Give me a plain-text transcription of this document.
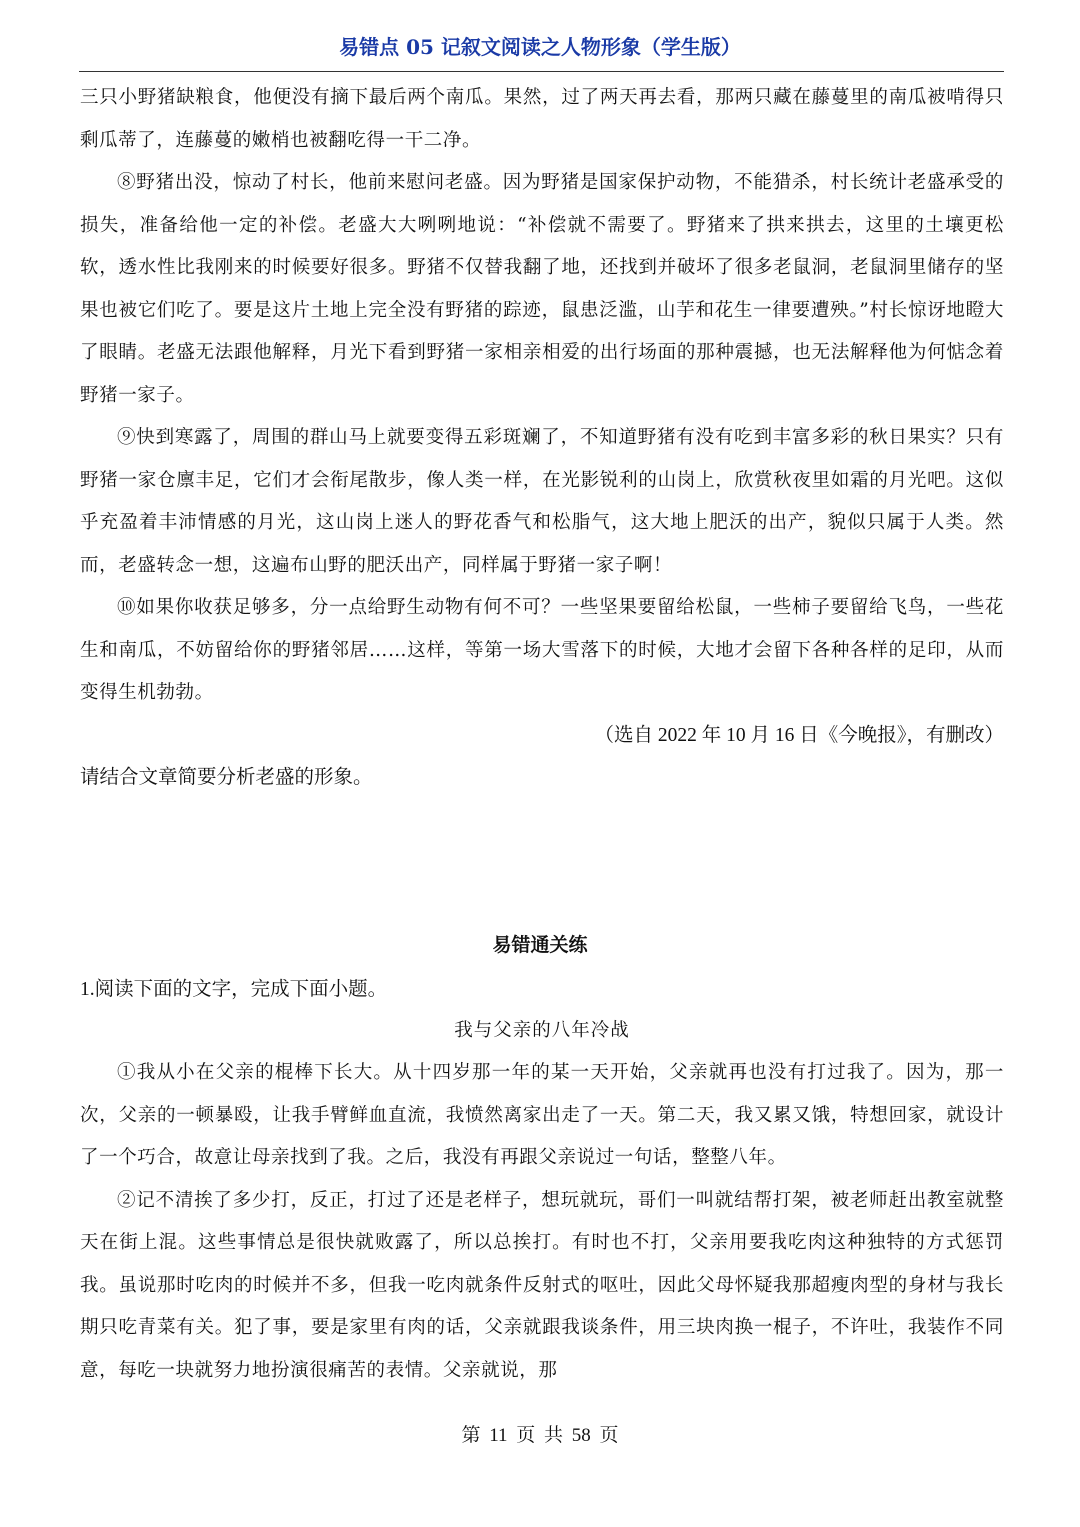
易错点 05 记叙文阅读之人物形象（学生版）

三只小野猪缺粮食，他便没有摘下最后两个南瓜。果然，过了两天再去看，那两只藏在藤蔓里的南瓜被啃得只剩瓜蒂了，连藤蔓的嫩梢也被翻吃得一干二净。

⑧野猪出没，惊动了村长，他前来慰问老盛。因为野猪是国家保护动物，不能猎杀，村长统计老盛承受的损失，准备给他一定的补偿。老盛大大咧咧地说：“补偿就不需要了。野猪来了拱来拱去，这里的土壤更松软，透水性比我刚来的时候要好很多。野猪不仅替我翻了地，还找到并破坏了很多老鼠洞，老鼠洞里储存的坚果也被它们吃了。要是这片土地上完全没有野猪的踪迹，鼠患泛滥，山芋和花生一律要遭殃。”村长惊讶地瞪大了眼睛。老盛无法跟他解释，月光下看到野猪一家相亲相爱的出行场面的那种震撼，也无法解释他为何惦念着野猪一家子。

⑨快到寒露了，周围的群山马上就要变得五彩斑斓了，不知道野猪有没有吃到丰富多彩的秋日果实？只有野猪一家仓廪丰足，它们才会衔尾散步，像人类一样，在光影锐利的山岗上，欣赏秋夜里如霜的月光吧。这似乎充盈着丰沛情感的月光，这山岗上迷人的野花香气和松脂气，这大地上肥沃的出产，貌似只属于人类。然而，老盛转念一想，这遍布山野的肥沃出产，同样属于野猪一家子啊！

⑩如果你收获足够多，分一点给野生动物有何不可？一些坚果要留给松鼠，一些柿子要留给飞鸟，一些花生和南瓜，不妨留给你的野猪邻居……这样，等第一场大雪落下的时候，大地才会留下各种各样的足印，从而变得生机勃勃。

（选自 2022 年 10 月 16 日《今晚报》，有删改）

请结合文章简要分析老盛的形象。

易错通关练

1.阅读下面的文字，完成下面小题。

我与父亲的八年冷战

①我从小在父亲的棍棒下长大。从十四岁那一年的某一天开始，父亲就再也没有打过我了。因为，那一次，父亲的一顿暴殴，让我手臂鲜血直流，我愤然离家出走了一天。第二天，我又累又饿，特想回家，就设计了一个巧合，故意让母亲找到了我。之后，我没有再跟父亲说过一句话，整整八年。

②记不清挨了多少打，反正，打过了还是老样子，想玩就玩，哥们一叫就结帮打架，被老师赶出教室就整天在街上混。这些事情总是很快就败露了，所以总挨打。有时也不打，父亲用要我吃肉这种独特的方式惩罚我。虽说那时吃肉的时候并不多，但我一吃肉就条件反射式的呕吐，因此父母怀疑我那超瘦肉型的身材与我长期只吃青菜有关。犯了事，要是家里有肉的话，父亲就跟我谈条件，用三块肉换一棍子，不许吐，我装作不同意，每吃一块就努力地扮演很痛苦的表情。父亲就说，那

第 11 页 共 58 页
